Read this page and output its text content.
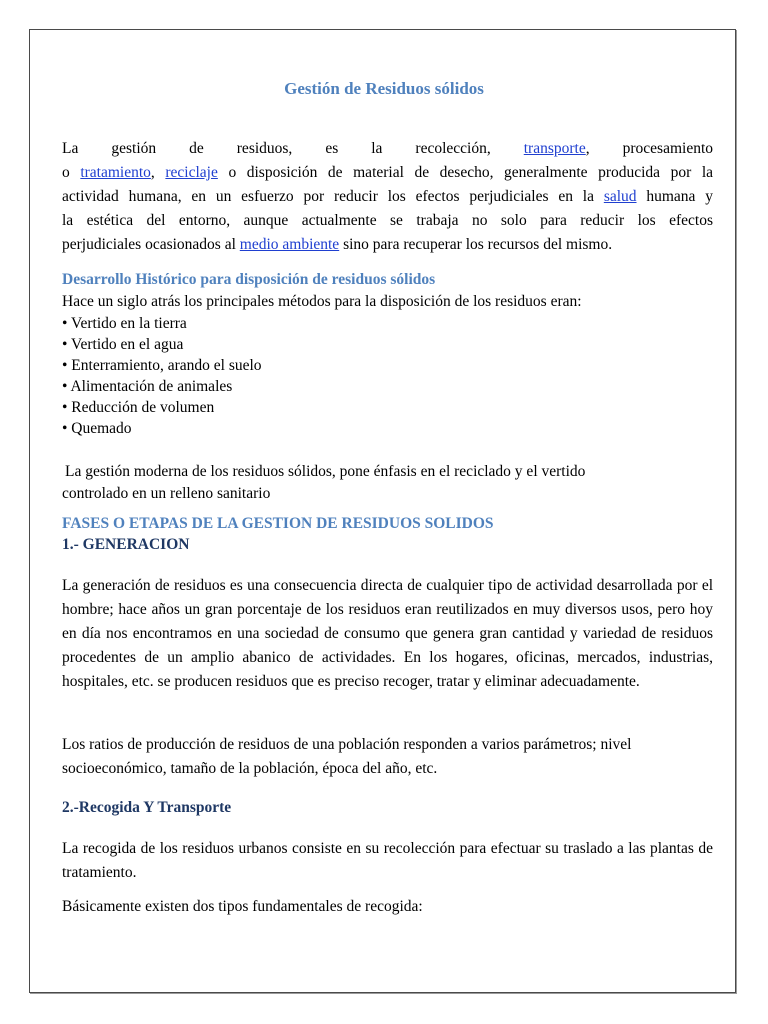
Gestión de Residuos sólidos
La gestión de residuos, es la recolección, transporte, procesamiento
o tratamiento, reciclaje o disposición de material de desecho, generalmente producida por la
actividad humana, en un esfuerzo por reducir los efectos perjudiciales en la salud humana y
la estética del entorno, aunque actualmente se trabaja no solo para reducir los efectos
perjudiciales ocasionados al medio ambiente sino para recuperar los recursos del mismo.
Desarrollo Histórico para disposición de residuos sólidos

Hace un siglo atrás los principales métodos para la disposición de los residuos eran:

• Vertido en la tierra
• Vertido en el agua
• Enterramiento, arando el suelo
• Alimentación de animales
• Reducción de volumen
• Quemado
La gestión moderna de los residuos sólidos, pone énfasis en el reciclado y el vertido
controlado en un relleno sanitario
FASES O ETAPAS DE LA GESTION DE RESIDUOS SOLIDOS
1.- GENERACION

La generación de residuos es una consecuencia directa de cualquier tipo de actividad desarrollada por el hombre; hace años un gran porcentaje de los residuos eran reutilizados en muy diversos usos, pero hoy en día nos encontramos en una sociedad de consumo que genera gran cantidad y variedad de residuos procedentes de un amplio abanico de actividades. En los hogares, oficinas, mercados, industrias, hospitales, etc. se producen residuos que es preciso recoger, tratar y eliminar adecuadamente.

Los ratios de producción de residuos de una población responden a varios parámetros; nivel socioeconómico, tamaño de la población, época del año, etc.

2.-Recogida Y Transporte

La recogida de los residuos urbanos consiste en su recolección para efectuar su traslado a las plantas de tratamiento.

Básicamente existen dos tipos fundamentales de recogida:
